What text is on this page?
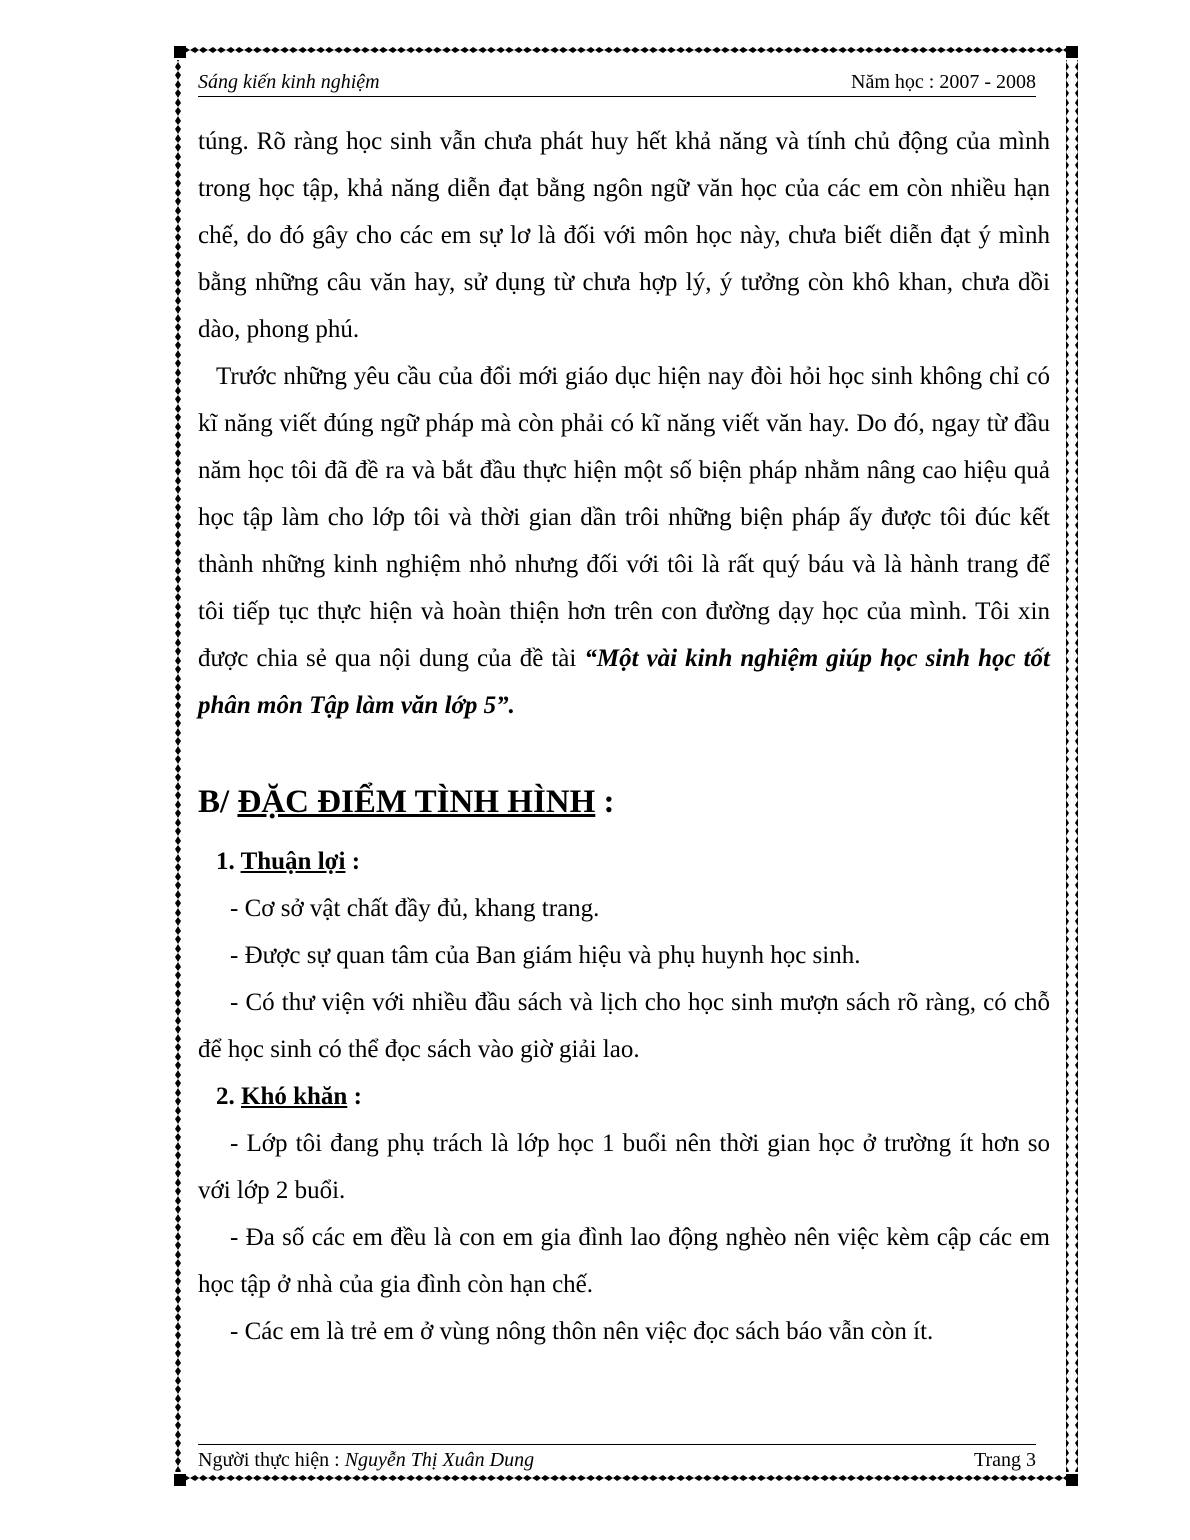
Sáng kiến kinh nghiệm	Năm học : 2007 - 2008

túng. Rõ ràng học sinh vẫn chưa phát huy hết khả năng và tính chủ động của mình trong học tập, khả năng diễn đạt bằng ngôn ngữ văn học của các em còn nhiều hạn chế, do đó gây cho các em sự lơ là đối với môn học này, chưa biết diễn đạt ý mình bằng những câu văn hay, sử dụng từ chưa hợp lý, ý tưởng còn khô khan, chưa dồi dào, phong phú.

Trước những yêu cầu của đổi mới giáo dục hiện nay đòi hỏi học sinh không chỉ có kĩ năng viết đúng ngữ pháp mà còn phải có kĩ năng viết văn hay. Do đó, ngay từ đầu năm học tôi đã đề ra và bắt đầu thực hiện một số biện pháp nhằm nâng cao hiệu quả học tập làm cho lớp tôi và thời gian dần trôi những biện pháp ấy được tôi đúc kết thành những kinh nghiệm nhỏ nhưng đối với tôi là rất quý báu và là hành trang để tôi tiếp tục thực hiện và hoàn thiện hơn trên con đường dạy học của mình. Tôi xin được chia sẻ qua nội dung của đề tài “Một vài kinh nghiệm giúp học sinh học tốt phân môn Tập làm văn lớp 5”.

B/ ĐẶC ĐIỂM TÌNH HÌNH :

1. Thuận lợi :

- Cơ sở vật chất đầy đủ, khang trang.

- Được sự quan tâm của Ban giám hiệu và phụ huynh học sinh.

- Có thư viện với nhiều đầu sách và lịch cho học sinh mượn sách rõ ràng, có chỗ để học sinh có thể đọc sách vào giờ giải lao.

2. Khó khăn :

- Lớp tôi đang phụ trách là lớp học 1 buổi nên thời gian học ở trường ít hơn so với lớp 2 buổi.

- Đa số các em đều là con em gia đình lao động nghèo nên việc kèm cập các em học tập ở nhà của gia đình còn hạn chế.

- Các em là trẻ em ở vùng nông thôn nên việc đọc sách báo vẫn còn ít.

Người thực hiện : Nguyễn Thị Xuân Dung	Trang 3
